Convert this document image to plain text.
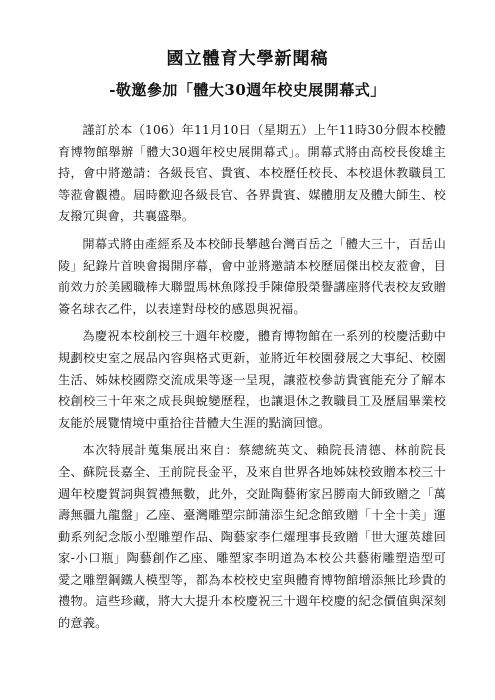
國立體育大學新聞稿
-敬邀參加「體大30週年校史展開幕式」

謹訂於本（106）年11月10日（星期五）上午11時30分假本校體育博物館舉辦「體大30週年校史展開幕式」。開幕式將由高校長俊雄主持，會中將邀請：各級長官、貴賓、本校歷任校長、本校退休教職員工等蒞會觀禮。屆時歡迎各級長官、各界貴賓、媒體朋友及體大師生、校友撥冗與會，共襄盛舉。

開幕式將由產經系及本校師長攀越台灣百岳之「體大三十，百岳山陵」紀錄片首映會揭開序幕，會中並將邀請本校歷屆傑出校友蒞會，目前效力於美國職棒大聯盟馬林魚隊投手陳偉殷榮譽講座將代表校友致贈簽名球衣乙件，以表達對母校的感恩與祝福。

為慶祝本校創校三十週年校慶，體育博物館在一系列的校慶活動中規劃校史室之展品內容與格式更新，並將近年校園發展之大事紀、校園生活、姊妹校國際交流成果等逐一呈現，讓蒞校參訪貴賓能充分了解本校創校三十年來之成長與蛻變歷程，也讓退休之教職員工及歷屆畢業校友能於展覽情境中重拾往昔體大生涯的點滴回憶。

本次特展計蒐集展出來自：蔡總統英文、賴院長清德、林前院長全、蘇院長嘉全、王前院長金平，及來自世界各地姊妹校致贈本校三十週年校慶賀詞與賀禮無數，此外，交趾陶藝術家呂勝南大師致贈之「萬壽無疆九龍盤」乙座、臺灣雕塑宗師蒲添生紀念館致贈「十全十美」運動系列紀念版小型雕塑作品、陶藝家李仁燿理事長致贈「世大運英雄回家-小口瓶」陶藝創作乙座、雕塑家李明道為本校公共藝術雕塑造型可愛之雕塑鋼鐵人模型等，都為本校校史室與體育博物館增添無比珍貴的禮物。這些珍藏，將大大提升本校慶祝三十週年校慶的紀念價值與深刻的意義。
